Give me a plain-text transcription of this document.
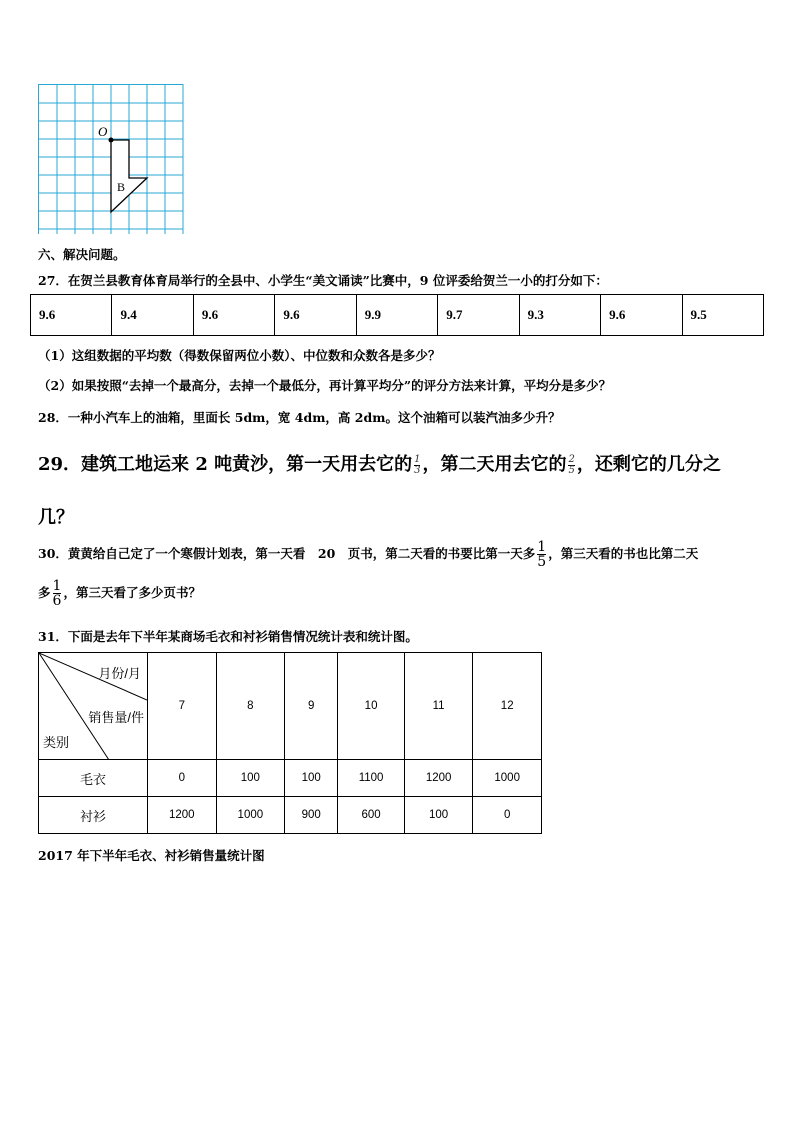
O
B
六、解决问题。
27．在贺兰县教育体育局举行的全县中、小学生“美文诵读”比赛中，9 位评委给贺兰一小的打分如下：
9.6	9.4	9.6	9.6	9.9	9.7	9.3	9.6	9.5
（1）这组数据的平均数（得数保留两位小数）、中位数和众数各是多少？
（2）如果按照“去掉一个最高分，去掉一个最低分，再计算平均分”的评分方法来计算，平均分是多少？
28．一种小汽车上的油箱，里面长 5dm，宽 4dm，高 2dm。这个油箱可以装汽油多少升？
29．建筑工地运来 2 吨黄沙，第一天用去它的 $\frac{1}{3}$ ，第二天用去它的 $\frac{2}{5}$ ，还剩它的几分之
几？
30．黄黄给自己定了一个寒假计划表，第一天看　20　页书，第二天看的书要比第一天多 $\frac{1}{5}$ ，第三天看的书也比第二天
多 $\frac{1}{6}$ ，第三天看了多少页书？
31．下面是去年下半年某商场毛衣和衬衫销售情况统计表和统计图。
月份/月
销售量/件
类别	7	8	9	10	11	12
毛衣	0	100	100	1100	1200	1000
衬衫	1200	1000	900	600	100	0
2017 年下半年毛衣、衬衫销售量统计图
